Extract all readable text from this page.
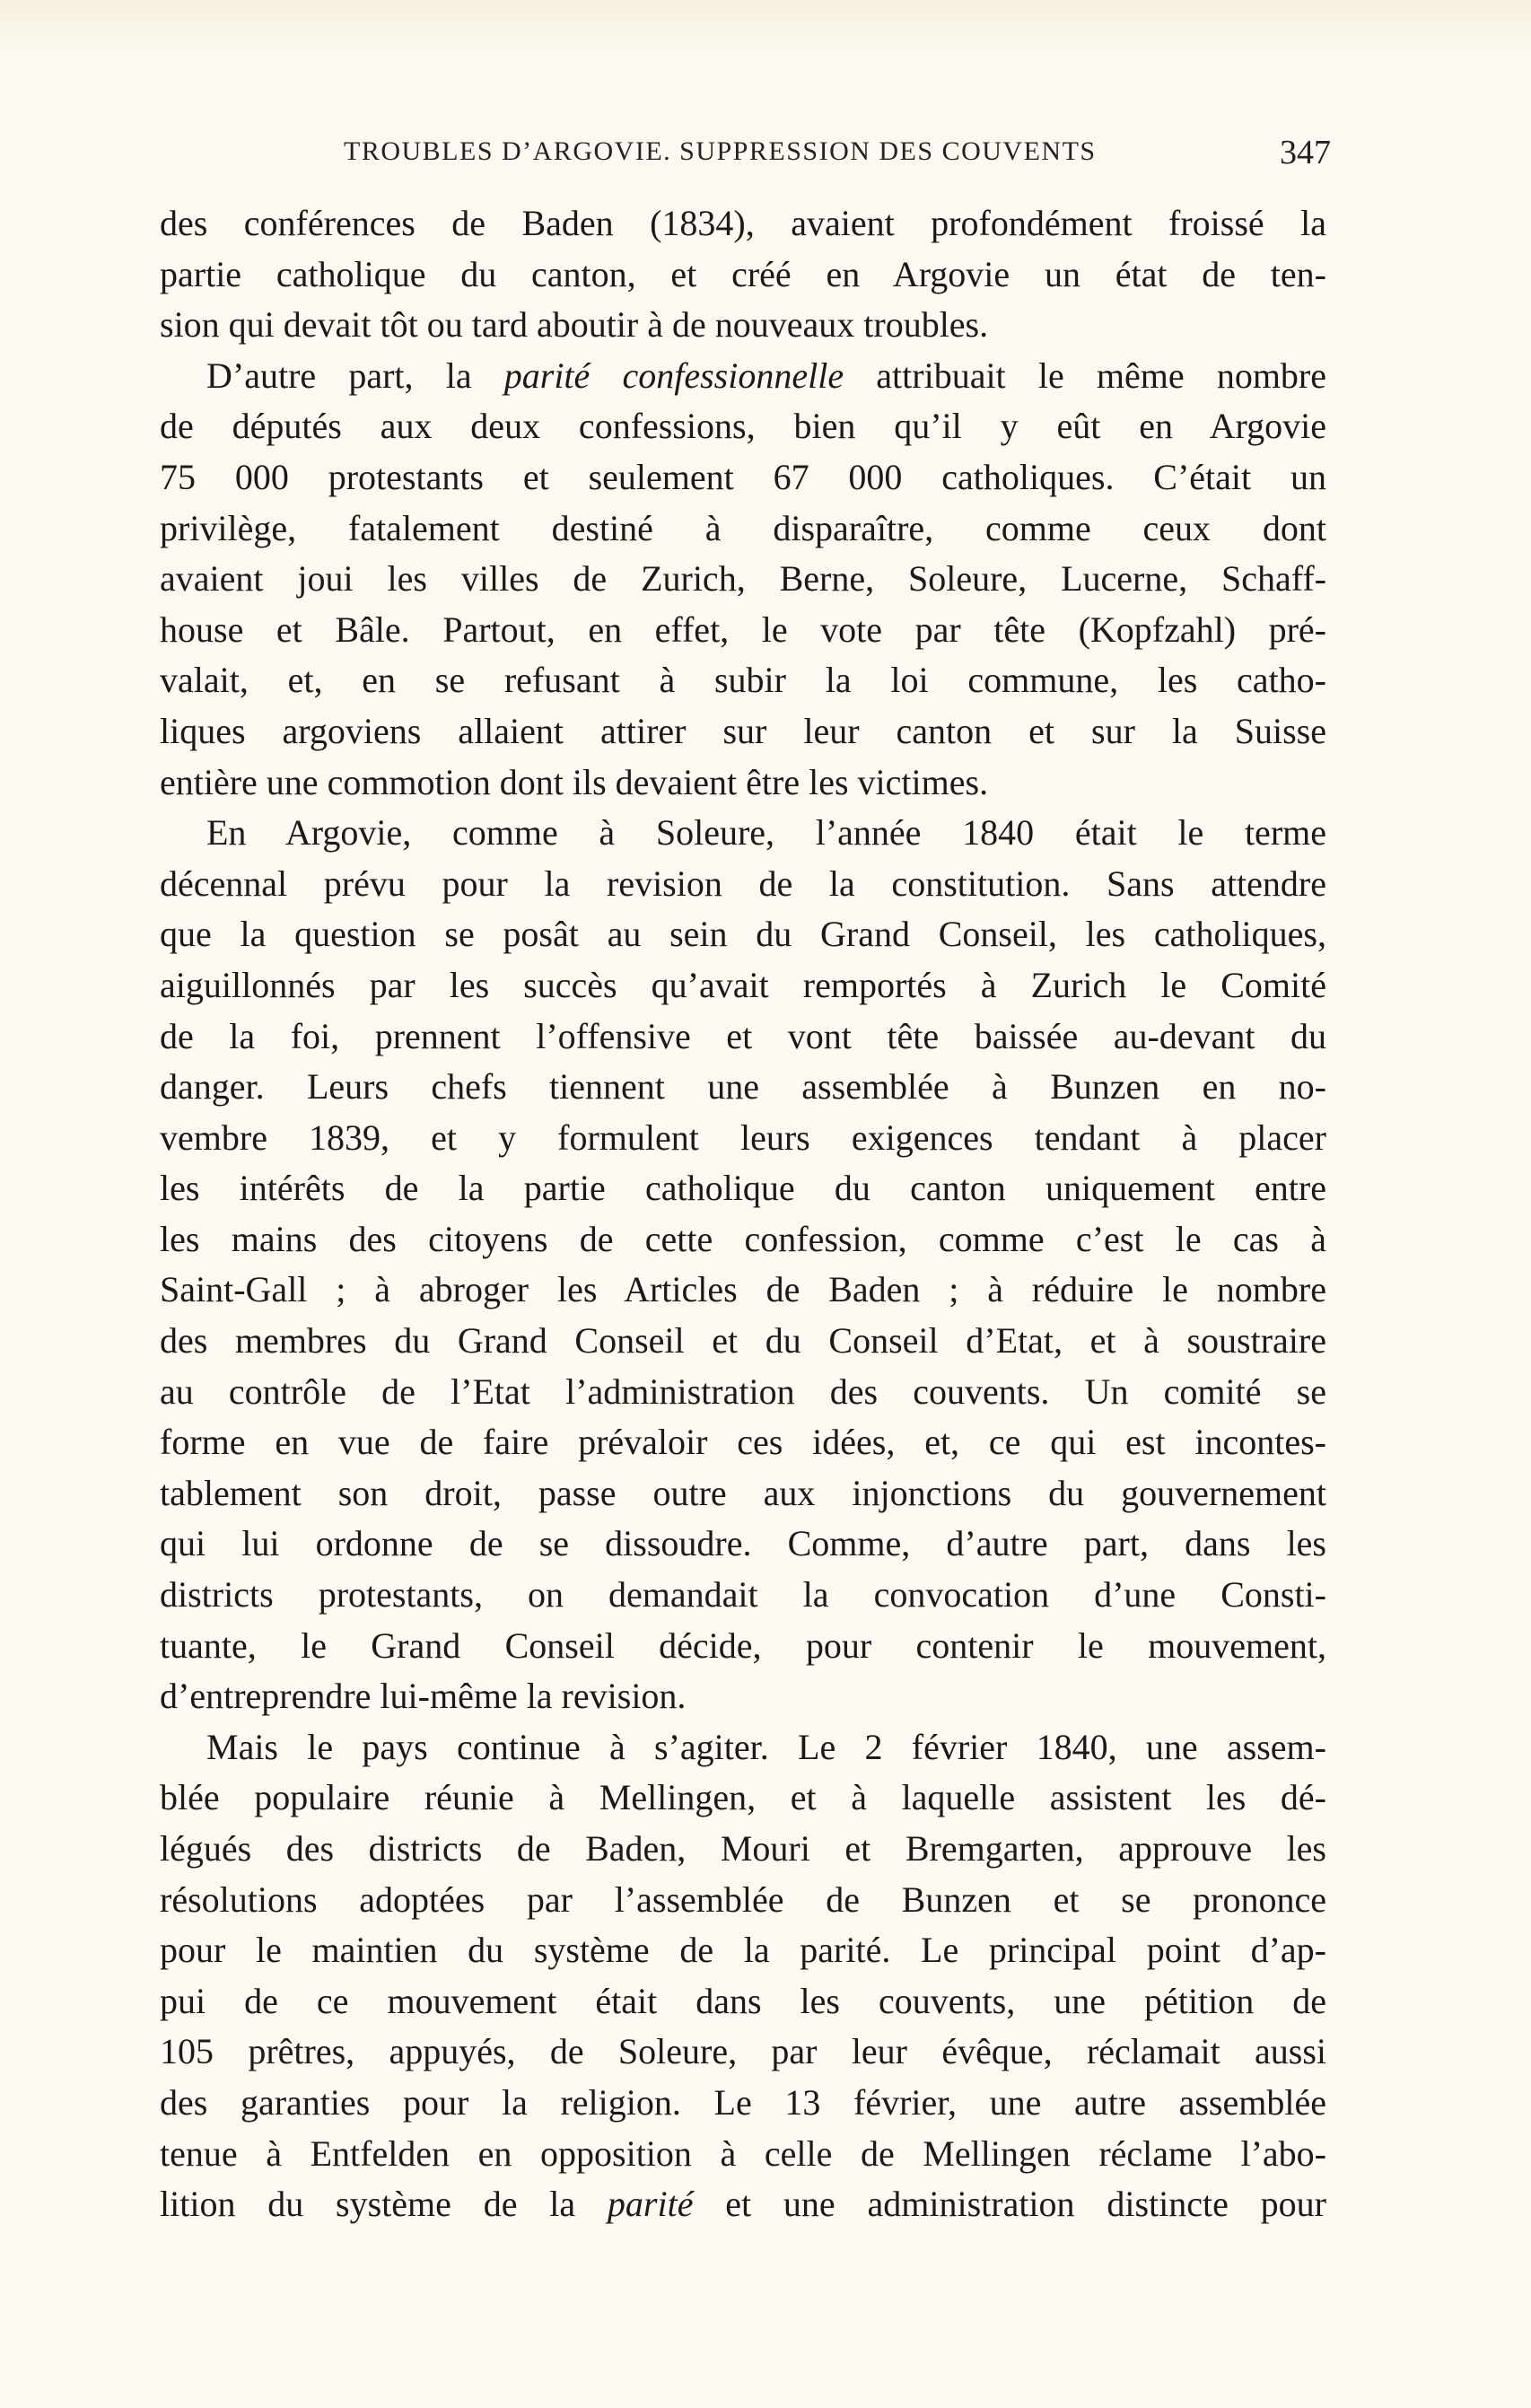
TROUBLES D’ARGOVIE. SUPPRESSION DES COUVENTS	347
des conférences de Baden (1834), avaient profondément froissé la
partie catholique du canton, et créé en Argovie un état de ten-
sion qui devait tôt ou tard aboutir à de nouveaux troubles.
D’autre part, la parité confessionnelle attribuait le même nombre
de députés aux deux confessions, bien qu’il y eût en Argovie
75 000 protestants et seulement 67 000 catholiques. C’était un
privilège, fatalement destiné à disparaître, comme ceux dont
avaient joui les villes de Zurich, Berne, Soleure, Lucerne, Schaff-
house et Bâle. Partout, en effet, le vote par tête (Kopfzahl) pré-
valait, et, en se refusant à subir la loi commune, les catho-
liques argoviens allaient attirer sur leur canton et sur la Suisse
entière une commotion dont ils devaient être les victimes.
En Argovie, comme à Soleure, l’année 1840 était le terme
décennal prévu pour la revision de la constitution. Sans attendre
que la question se posât au sein du Grand Conseil, les catholiques,
aiguillonnés par les succès qu’avait remportés à Zurich le Comité
de la foi, prennent l’offensive et vont tête baissée au-devant du
danger. Leurs chefs tiennent une assemblée à Bunzen en no-
vembre 1839, et y formulent leurs exigences tendant à placer
les intérêts de la partie catholique du canton uniquement entre
les mains des citoyens de cette confession, comme c’est le cas à
Saint-Gall ; à abroger les Articles de Baden ; à réduire le nombre
des membres du Grand Conseil et du Conseil d’Etat, et à soustraire
au contrôle de l’Etat l’administration des couvents. Un comité se
forme en vue de faire prévaloir ces idées, et, ce qui est incontes-
tablement son droit, passe outre aux injonctions du gouvernement
qui lui ordonne de se dissoudre. Comme, d’autre part, dans les
districts protestants, on demandait la convocation d’une Consti-
tuante, le Grand Conseil décide, pour contenir le mouvement,
d’entreprendre lui-même la revision.
Mais le pays continue à s’agiter. Le 2 février 1840, une assem-
blée populaire réunie à Mellingen, et à laquelle assistent les dé-
légués des districts de Baden, Mouri et Bremgarten, approuve les
résolutions adoptées par l’assemblée de Bunzen et se prononce
pour le maintien du système de la parité. Le principal point d’ap-
pui de ce mouvement était dans les couvents, une pétition de
105 prêtres, appuyés, de Soleure, par leur évêque, réclamait aussi
des garanties pour la religion. Le 13 février, une autre assemblée
tenue à Entfelden en opposition à celle de Mellingen réclame l’abo-
lition du système de la parité et une administration distincte pour
